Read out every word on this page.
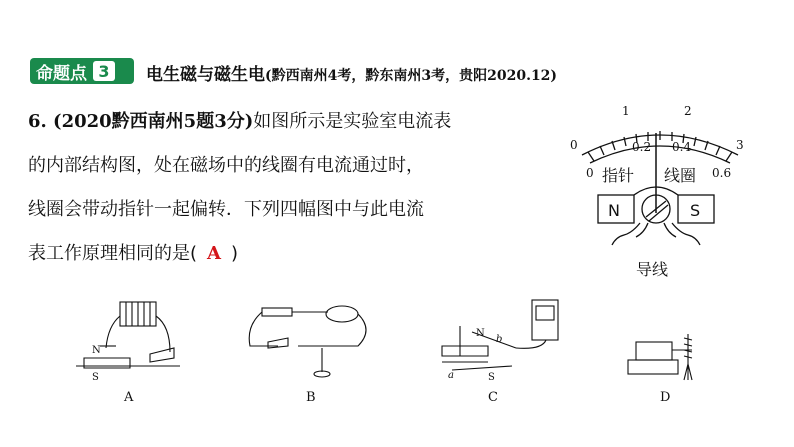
命题点 3	电生磁与磁生电(黔西南州4考，黔东南州3考，贵阳2020.12)
6. (2020黔西南州5题3分)如图所示是实验室电流表
的内部结构图，处在磁场中的线圈有电流通过时，
线圈会带动指针一起偏转．下列四幅图中与此电流
表工作原理相同的是( A )
0
1	2
3
0
0.2 0.4
0.6
指针 线圈
N	S
导线
N
S
A	B
N
S
a
b
C	D
